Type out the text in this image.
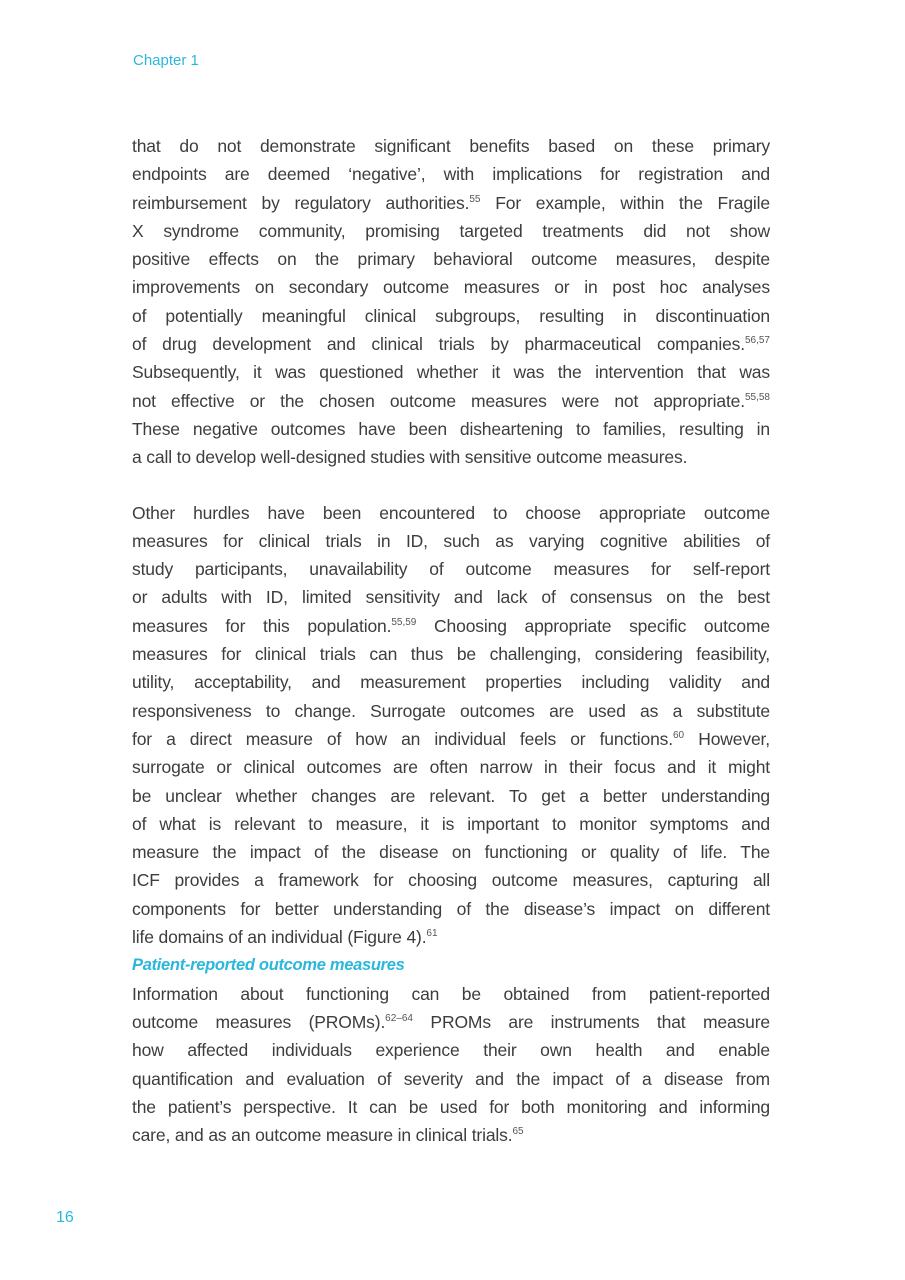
Chapter 1
that do not demonstrate significant benefits based on these primary
endpoints are deemed ‘negative’, with implications for registration and
reimbursement by regulatory authorities.$^{55}$ For example, within the Fragile
X syndrome community, promising targeted treatments did not show
positive effects on the primary behavioral outcome measures, despite
improvements on secondary outcome measures or in post hoc analyses
of potentially meaningful clinical subgroups, resulting in discontinuation
of drug development and clinical trials by pharmaceutical companies.$^{56,57}$
Subsequently, it was questioned whether it was the intervention that was
not effective or the chosen outcome measures were not appropriate.$^{55,58}$
These negative outcomes have been disheartening to families, resulting in
a call to develop well-designed studies with sensitive outcome measures.
Other hurdles have been encountered to choose appropriate outcome
measures for clinical trials in ID, such as varying cognitive abilities of
study participants, unavailability of outcome measures for self-report
or adults with ID, limited sensitivity and lack of consensus on the best
measures for this population.$^{55,59}$ Choosing appropriate specific outcome
measures for clinical trials can thus be challenging, considering feasibility,
utility, acceptability, and measurement properties including validity and
responsiveness to change. Surrogate outcomes are used as a substitute
for a direct measure of how an individual feels or functions.$^{60}$ However,
surrogate or clinical outcomes are often narrow in their focus and it might
be unclear whether changes are relevant. To get a better understanding
of what is relevant to measure, it is important to monitor symptoms and
measure the impact of the disease on functioning or quality of life. The
ICF provides a framework for choosing outcome measures, capturing all
components for better understanding of the disease’s impact on different
life domains of an individual (Figure 4).$^{61}$
Patient-reported outcome measures
Information about functioning can be obtained from patient-reported
outcome measures (PROMs).$^{62-64}$ PROMs are instruments that measure
how affected individuals experience their own health and enable
quantification and evaluation of severity and the impact of a disease from
the patient’s perspective. It can be used for both monitoring and informing
care, and as an outcome measure in clinical trials.$^{65}$
16
